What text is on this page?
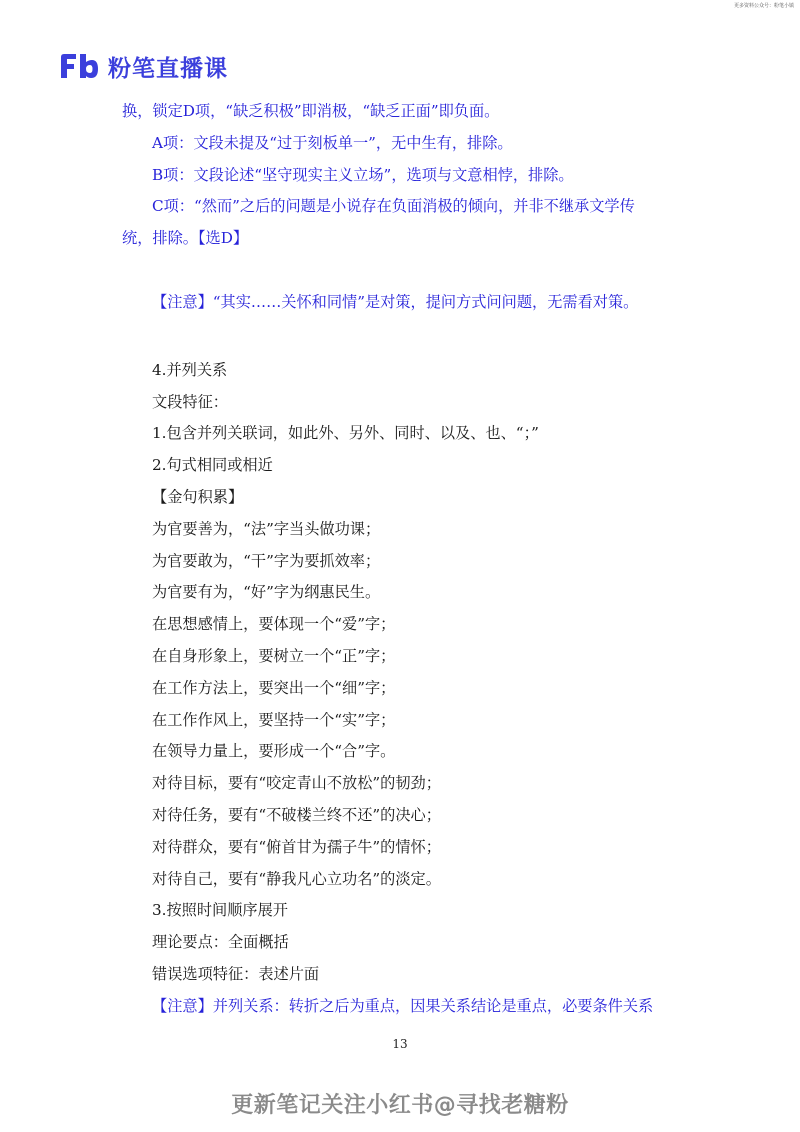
更多资料公众号：粉笔小镇
粉笔直播课
换，锁定D项，“缺乏积极”即消极，“缺乏正面”即负面。
A项：文段未提及“过于刻板单一”，无中生有，排除。
B项：文段论述“坚守现实主义立场”，选项与文意相悖，排除。
C项：“然而”之后的问题是小说存在负面消极的倾向，并非不继承文学传
统，排除。【选D】
【注意】“其实……关怀和同情”是对策，提问方式问问题，无需看对策。
4.并列关系
文段特征：
1.包含并列关联词，如此外、另外、同时、以及、也、“；”
2.句式相同或相近
【金句积累】
为官要善为，“法”字当头做功课；
为官要敢为，“干”字为要抓效率；
为官要有为，“好”字为纲惠民生。
在思想感情上，要体现一个“爱”字；
在自身形象上，要树立一个“正”字；
在工作方法上，要突出一个“细”字；
在工作作风上，要坚持一个“实”字；
在领导力量上，要形成一个“合”字。
对待目标，要有“咬定青山不放松”的韧劲；
对待任务，要有“不破楼兰终不还”的决心；
对待群众，要有“俯首甘为孺子牛”的情怀；
对待自己，要有“静我凡心立功名”的淡定。
3.按照时间顺序展开
理论要点：全面概括
错误选项特征：表述片面
【注意】并列关系：转折之后为重点，因果关系结论是重点，必要条件关系
13
更新笔记关注小红书@寻找老糖粉
